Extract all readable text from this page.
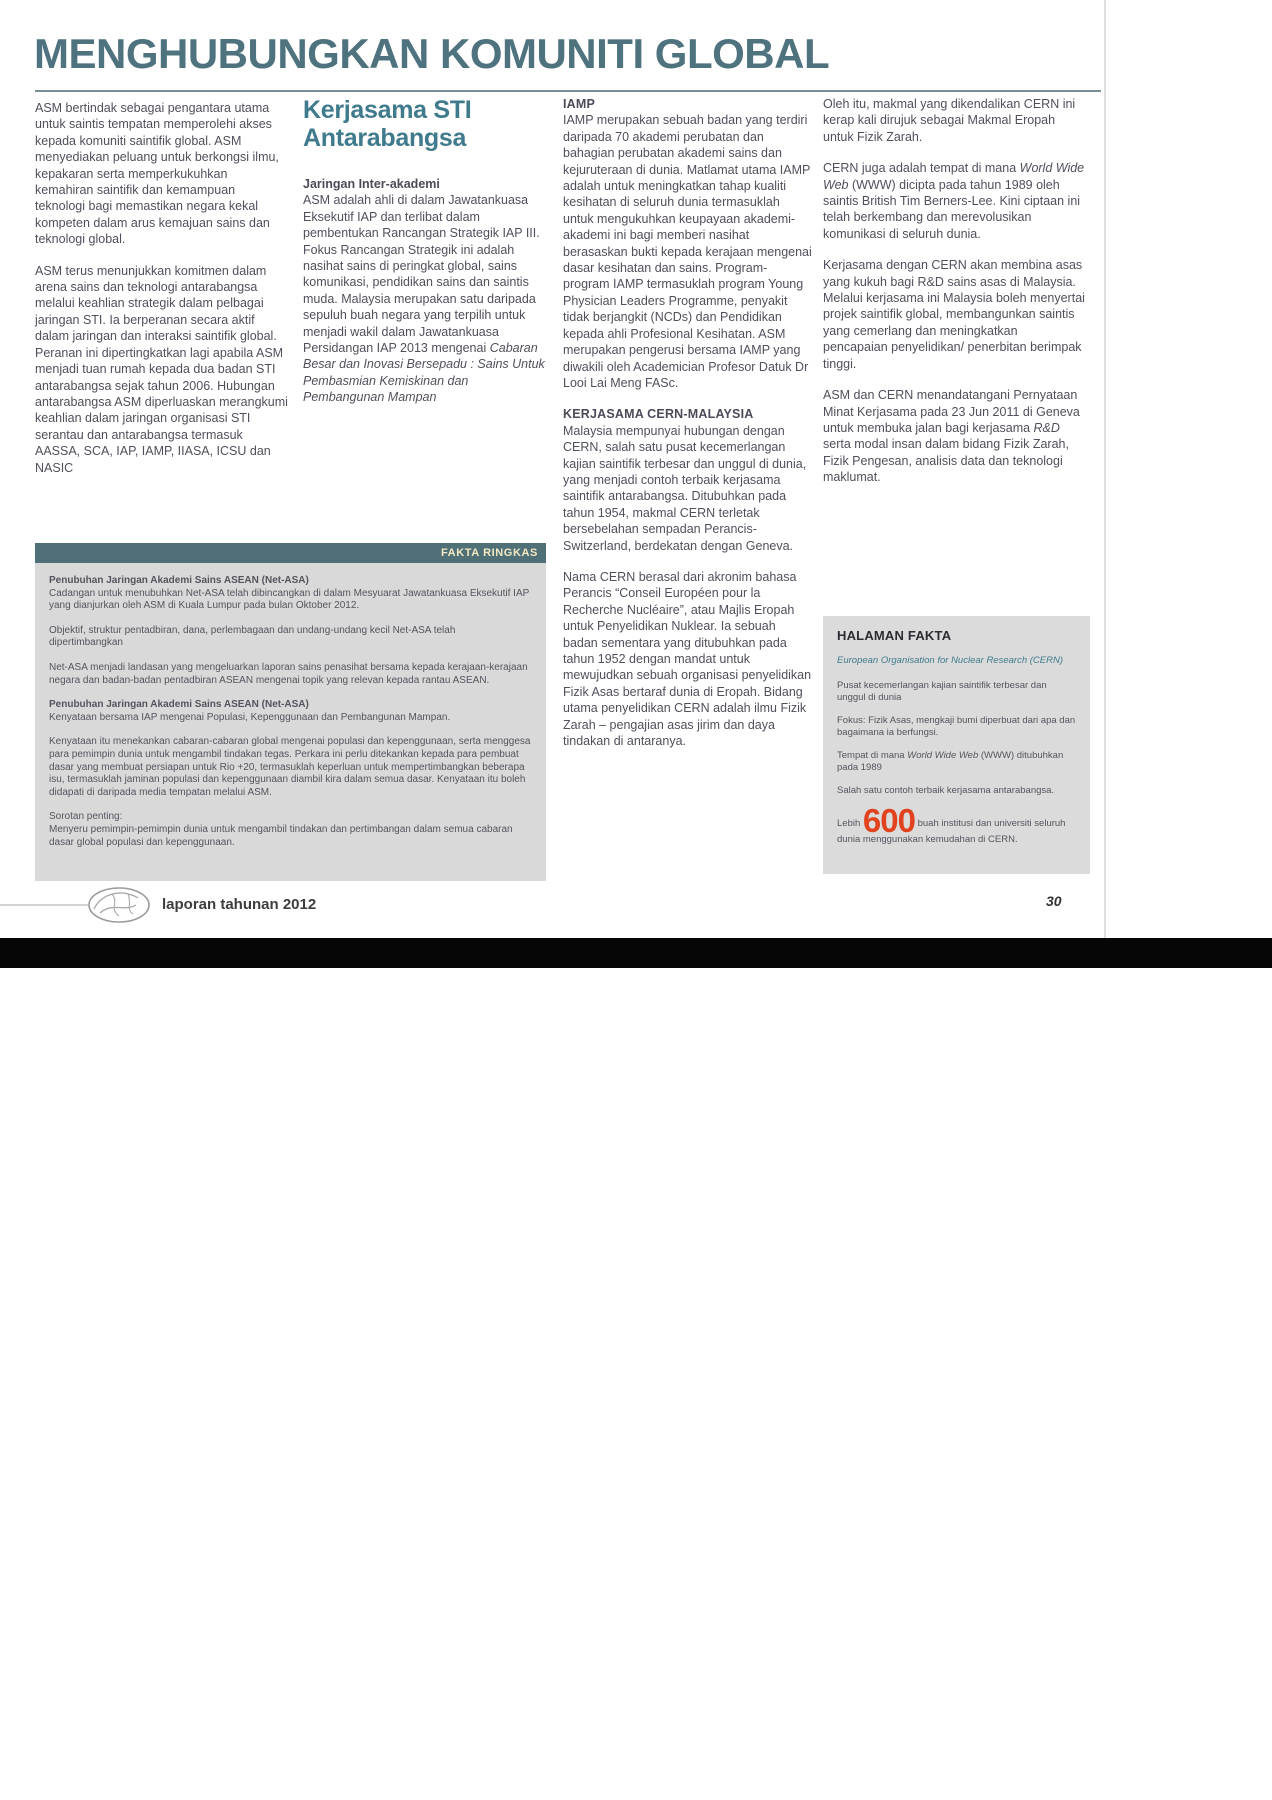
MENGHUBUNGKAN KOMUNITI GLOBAL

ASM bertindak sebagai pengantara utama untuk saintis tempatan memperolehi akses kepada komuniti saintifik global. ASM menyediakan peluang untuk berkongsi ilmu, kepakaran serta memperkukuhkan kemahiran saintifik dan kemampuan teknologi bagi memastikan negara kekal kompeten dalam arus kemajuan sains dan teknologi global.

ASM terus menunjukkan komitmen dalam arena sains dan teknologi antarabangsa melalui keahlian strategik dalam pelbagai jaringan STI. Ia berperanan secara aktif dalam jaringan dan interaksi saintifik global. Peranan ini dipertingkatkan lagi apabila ASM menjadi tuan rumah kepada dua badan STI antarabangsa sejak tahun 2006. Hubungan antarabangsa ASM diperluaskan merangkumi keahlian dalam jaringan organisasi STI serantau dan antarabangsa termasuk AASSA, SCA, IAP, IAMP, IIASA, ICSU dan NASIC

Kerjasama STI Antarabangsa

Jaringan Inter-akademi
ASM adalah ahli di dalam Jawatankuasa Eksekutif IAP dan terlibat dalam pembentukan Rancangan Strategik IAP III. Fokus Rancangan Strategik ini adalah nasihat sains di peringkat global, sains komunikasi, pendidikan sains dan saintis muda. Malaysia merupakan satu daripada sepuluh buah negara yang terpilih untuk menjadi wakil dalam Jawatankuasa Persidangan IAP 2013 mengenai Cabaran Besar dan Inovasi Bersepadu : Sains Untuk Pembasmian Kemiskinan dan Pembangunan Mampan

IAMP

IAMP merupakan sebuah badan yang terdiri daripada 70 akademi perubatan dan bahagian perubatan akademi sains dan kejuruteraan di dunia. Matlamat utama IAMP adalah untuk meningkatkan tahap kualiti kesihatan di seluruh dunia termasuklah untuk mengukuhkan keupayaan akademi-akademi ini bagi memberi nasihat berasaskan bukti kepada kerajaan mengenai dasar kesihatan dan sains. Program-program IAMP termasuklah program Young Physician Leaders Programme, penyakit tidak berjangkit (NCDs) dan Pendidikan kepada ahli Profesional Kesihatan. ASM merupakan pengerusi bersama IAMP yang diwakili oleh Academician Profesor Datuk Dr Looi Lai Meng FASc.

KERJASAMA CERN-MALAYSIA

Malaysia mempunyai hubungan dengan CERN, salah satu pusat kecemerlangan kajian saintifik terbesar dan unggul di dunia, yang menjadi contoh terbaik kerjasama saintifik antarabangsa. Ditubuhkan pada tahun 1954, makmal CERN terletak bersebelahan sempadan Perancis-Switzerland, berdekatan dengan Geneva.

Nama CERN berasal dari akronim bahasa Perancis “Conseil Européen pour la Recherche Nucléaire”, atau Majlis Eropah untuk Penyelidikan Nuklear. Ia sebuah badan sementara yang ditubuhkan pada tahun 1952 dengan mandat untuk mewujudkan sebuah organisasi penyelidikan Fizik Asas bertaraf dunia di Eropah. Bidang utama penyelidikan CERN adalah ilmu Fizik Zarah – pengajian asas jirim dan daya tindakan di antaranya.

Oleh itu, makmal yang dikendalikan CERN ini kerap kali dirujuk sebagai Makmal Eropah untuk Fizik Zarah.

CERN juga adalah tempat di mana World Wide Web (WWW) dicipta pada tahun 1989 oleh saintis British Tim Berners-Lee. Kini ciptaan ini telah berkembang dan merevolusikan komunikasi di seluruh dunia.

Kerjasama dengan CERN akan membina asas yang kukuh bagi R&D sains asas di Malaysia. Melalui kerjasama ini Malaysia boleh menyertai projek saintifik global, membangunkan saintis yang cemerlang dan meningkatkan pencapaian penyelidikan/ penerbitan berimpak tinggi.

ASM dan CERN menandatangani Pernyataan Minat Kerjasama pada 23 Jun 2011 di Geneva untuk membuka jalan bagi kerjasama R&D serta modal insan dalam bidang Fizik Zarah, Fizik Pengesan, analisis data dan teknologi maklumat.

FAKTA RINGKAS
Penubuhan Jaringan Akademi Sains ASEAN (Net-ASA)
Cadangan untuk menubuhkan Net-ASA telah dibincangkan di dalam Mesyuarat Jawatankuasa Eksekutif IAP yang dianjurkan oleh ASM di Kuala Lumpur pada bulan Oktober 2012.
Objektif, struktur pentadbiran, dana, perlembagaan dan undang-undang kecil Net-ASA telah dipertimbangkan
Net-ASA menjadi landasan yang mengeluarkan laporan sains penasihat bersama kepada kerajaan-kerajaan negara dan badan-badan pentadbiran ASEAN mengenai topik yang relevan kepada rantau ASEAN.
Penubuhan Jaringan Akademi Sains ASEAN (Net-ASA)
Kenyataan bersama IAP mengenai Populasi, Kepenggunaan dan Pembangunan Mampan.
Kenyataan itu menekankan cabaran-cabaran global mengenai populasi dan kepenggunaan, serta menggesa para pemimpin dunia untuk mengambil tindakan tegas. Perkara ini perlu ditekankan kepada para pembuat dasar yang membuat persiapan untuk Rio +20, termasuklah keperluan untuk mempertimbangkan beberapa isu, termasuklah jaminan populasi dan kepenggunaan diambil kira dalam semua dasar. Kenyataan itu boleh didapati di daripada media tempatan melalui ASM.
Sorotan penting:
Menyeru pemimpin-pemimpin dunia untuk mengambil tindakan dan pertimbangan dalam semua cabaran dasar global populasi dan kepenggunaan.
HALAMAN FAKTA
European Organisation for Nuclear Research (CERN)
Pusat kecemerlangan kajian saintifik terbesar dan unggul di dunia
Fokus: Fizik Asas, mengkaji bumi diperbuat dari apa dan bagaimana ia berfungsi.
Tempat di mana World Wide Web (WWW) ditubuhkan pada 1989
Salah satu contoh terbaik kerjasama antarabangsa.
Lebih 600 buah institusi dan universiti seluruh dunia menggunakan kemudahan di CERN.
laporan tahunan 2012	30
